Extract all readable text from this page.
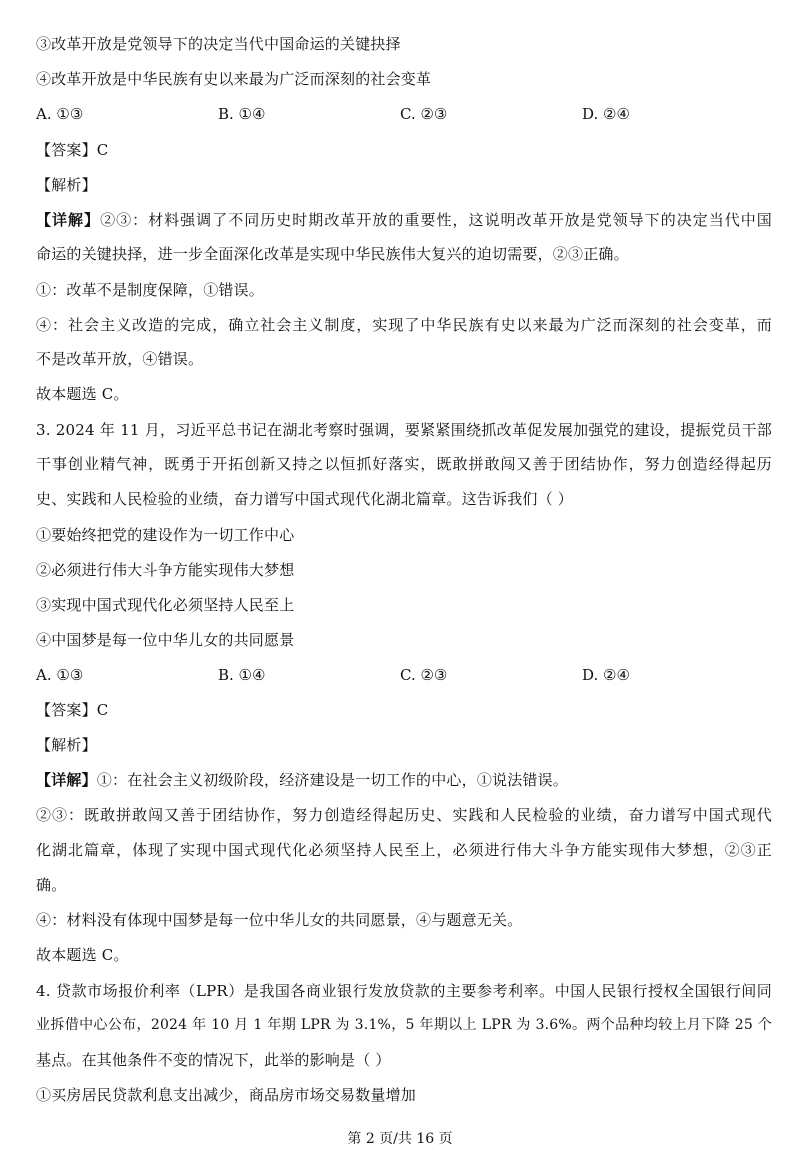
③改革开放是党领导下的决定当代中国命运的关键抉择
④改革开放是中华民族有史以来最为广泛而深刻的社会变革
A. ①③	B. ①④	C. ②③	D. ②④
【答案】C
【解析】
【详解】②③：材料强调了不同历史时期改革开放的重要性，这说明改革开放是党领导下的决定当代中国
命运的关键抉择，进一步全面深化改革是实现中华民族伟大复兴的迫切需要，②③正确。
①：改革不是制度保障，①错误。
④：社会主义改造的完成，确立社会主义制度，实现了中华民族有史以来最为广泛而深刻的社会变革，而
不是改革开放，④错误。
故本题选 C。
3. 2024 年 11 月，习近平总书记在湖北考察时强调，要紧紧围绕抓改革促发展加强党的建设，提振党员干部
干事创业精气神，既勇于开拓创新又持之以恒抓好落实，既敢拼敢闯又善于团结协作，努力创造经得起历
史、实践和人民检验的业绩，奋力谱写中国式现代化湖北篇章。这告诉我们（ ）
①要始终把党的建设作为一切工作中心
②必须进行伟大斗争方能实现伟大梦想
③实现中国式现代化必须坚持人民至上
④中国梦是每一位中华儿女的共同愿景
A. ①③	B. ①④	C. ②③	D. ②④
【答案】C
【解析】
【详解】①：在社会主义初级阶段，经济建设是一切工作的中心，①说法错误。
②③：既敢拼敢闯又善于团结协作，努力创造经得起历史、实践和人民检验的业绩，奋力谱写中国式现代
化湖北篇章，体现了实现中国式现代化必须坚持人民至上，必须进行伟大斗争方能实现伟大梦想，②③正
确。
④：材料没有体现中国梦是每一位中华儿女的共同愿景，④与题意无关。
故本题选 C。
4. 贷款市场报价利率（LPR）是我国各商业银行发放贷款的主要参考利率。中国人民银行授权全国银行间同
业拆借中心公布，2024 年 10 月 1 年期 LPR 为 3.1%，5 年期以上 LPR 为 3.6%。两个品种均较上月下降 25 个
基点。在其他条件不变的情况下，此举的影响是（ ）
①买房居民贷款利息支出减少，商品房市场交易数量增加
第 2 页/共 16 页
